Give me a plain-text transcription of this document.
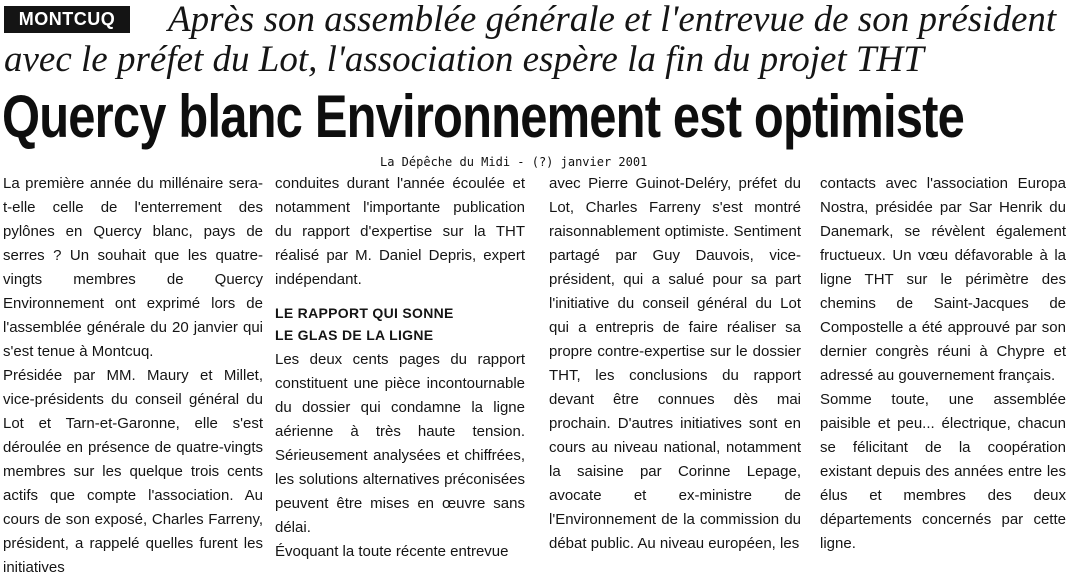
MONTCUQ	Après son assemblée générale et l'entrevue de son président
avec le préfet du Lot, l'association espère la fin du projet THT
Quercy blanc Environnement est optimiste
La Dépêche du Midi - (?) janvier 2001

La première année du millénaire sera-t-elle celle de l'enterrement des pylônes en Quercy blanc, pays de serres ? Un souhait que les quatre-vingts membres de Quercy Environnement ont exprimé lors de l'assemblée générale du 20 janvier qui s'est tenue à Montcuq.

Présidée par MM. Maury et Millet, vice-présidents du conseil général du Lot et Tarn-et-Garonne, elle s'est déroulée en présence de quatre-vingts membres sur les quelque trois cents actifs que compte l'association. Au cours de son exposé, Charles Farreny, président, a rappelé quelles furent les initiatives

conduites durant l'année écoulée et notamment l'importante publication du rapport d'expertise sur la THT réalisé par M. Daniel Depris, expert indépendant.

LE RAPPORT QUI SONNE
LE GLAS DE LA LIGNE

Les deux cents pages du rapport constituent une pièce incontournable du dossier qui condamne la ligne aérienne à très haute tension. Sérieusement analysées et chiffrées, les solutions alternatives préconisées peuvent être mises en œuvre sans délai.

Évoquant la toute récente entrevue

avec Pierre Guinot-Deléry, préfet du Lot, Charles Farreny s'est montré raisonnablement optimiste. Sentiment partagé par Guy Dauvois, vice-président, qui a salué pour sa part l'initiative du conseil général du Lot qui a entrepris de faire réaliser sa propre contre-expertise sur le dossier THT, les conclusions du rapport devant être connues dès mai prochain. D'autres initiatives sont en cours au niveau national, notamment la saisine par Corinne Lepage, avocate et ex-ministre de l'Environnement de la commission du débat public. Au niveau européen, les

contacts avec l'association Europa Nostra, présidée par Sar Henrik du Danemark, se révèlent également fructueux. Un vœu défavorable à la ligne THT sur le périmètre des chemins de Saint-Jacques de Compostelle a été approuvé par son dernier congrès réuni à Chypre et adressé au gouvernement français.

Somme toute, une assemblée paisible et peu... électrique, chacun se félicitant de la coopération existant depuis des années entre les élus et membres des deux départements concernés par cette ligne.
